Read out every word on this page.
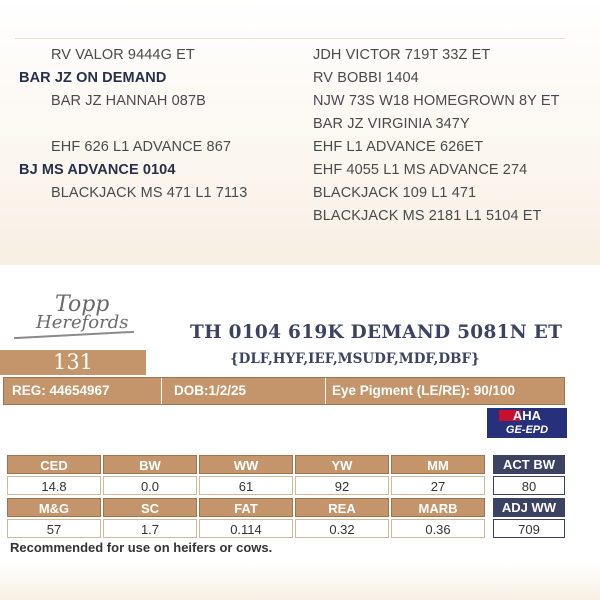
RV VALOR 9444G ET
BAR JZ ON DEMAND
BAR JZ HANNAH 087B
EHF 626 L1 ADVANCE 867
BJ MS ADVANCE 0104
BLACKJACK MS 471 L1 7113
JDH VICTOR 719T 33Z ET
RV BOBBI 1404
NJW 73S W18 HOMEGROWN 8Y ET
BAR JZ VIRGINIA 347Y
EHF L1 ADVANCE 626ET
EHF 4055 L1 MS ADVANCE 274
BLACKJACK 109 L1 471
BLACKJACK MS 2181 L1 5104 ET
Topp
Herefords
131
TH 0104 619K DEMAND 5081N ET
{DLF,HYF,IEF,MSUDF,MDF,DBF}
REG: 44654967	DOB:1/2/25	Eye Pigment (LE/RE): 90/100
AHA
GE-EPD
CED	BW	WW	YW	MM
14.8	0.0	61	92	27
M&G	SC	FAT	REA	MARB
57	1.7	0.114	0.32	0.36
ACT BW
80
ADJ WW
709
Recommended for use on heifers or cows.
